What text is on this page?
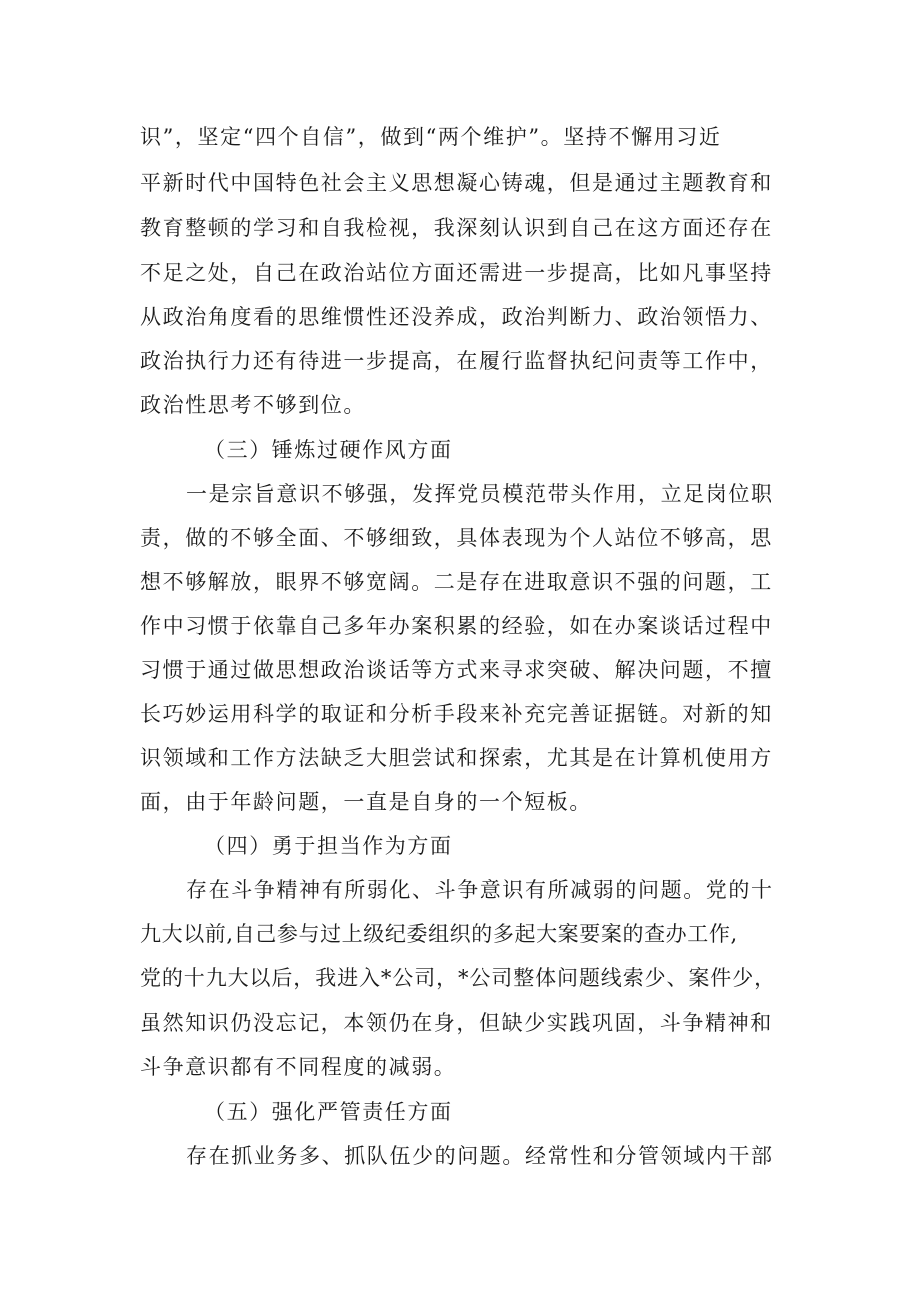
识”，坚定“四个自信”，做到“两个维护”。坚持不懈用习近
平新时代中国特色社会主义思想凝心铸魂，但是通过主题教育和
教育整顿的学习和自我检视，我深刻认识到自己在这方面还存在
不足之处，自己在政治站位方面还需进一步提高，比如凡事坚持
从政治角度看的思维惯性还没养成，政治判断力、政治领悟力、
政治执行力还有待进一步提高，在履行监督执纪问责等工作中，
政治性思考不够到位。
（三）锤炼过硬作风方面
一是宗旨意识不够强，发挥党员模范带头作用，立足岗位职
责，做的不够全面、不够细致，具体表现为个人站位不够高，思
想不够解放，眼界不够宽阔。二是存在进取意识不强的问题，工
作中习惯于依靠自己多年办案积累的经验，如在办案谈话过程中
习惯于通过做思想政治谈话等方式来寻求突破、解决问题，不擅
长巧妙运用科学的取证和分析手段来补充完善证据链。对新的知
识领域和工作方法缺乏大胆尝试和探索，尤其是在计算机使用方
面，由于年龄问题，一直是自身的一个短板。
（四）勇于担当作为方面
存在斗争精神有所弱化、斗争意识有所减弱的问题。党的十
九大以前,自己参与过上级纪委组织的多起大案要案的查办工作,
党的十九大以后，我进入*公司，*公司整体问题线索少、案件少，
虽然知识仍没忘记，本领仍在身，但缺少实践巩固，斗争精神和
斗争意识都有不同程度的减弱。
（五）强化严管责任方面
存在抓业务多、抓队伍少的问题。经常性和分管领域内干部
